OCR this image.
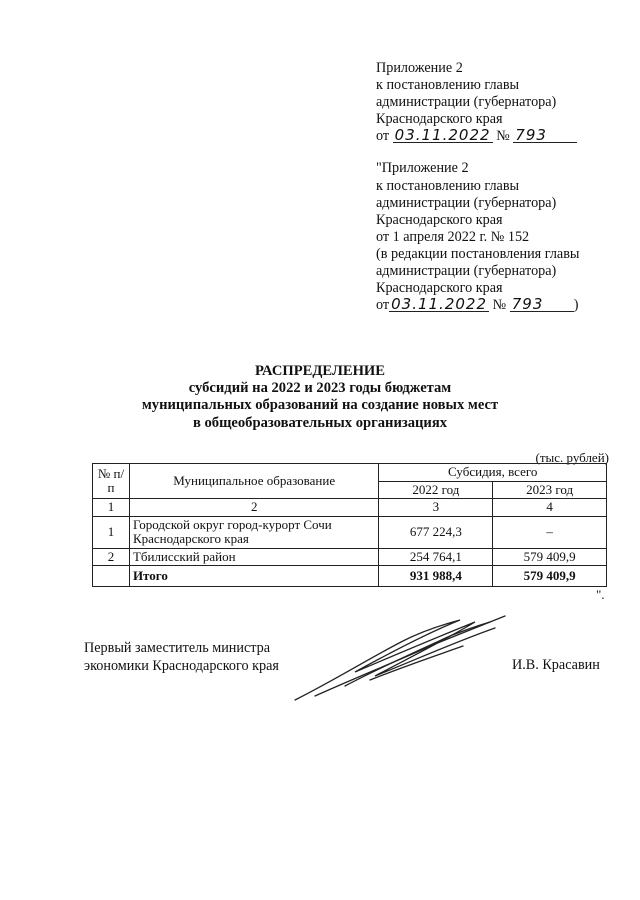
Приложение 2
к постановлению главы
администрации (губернатора)
Краснодарского края
от 03.11.2022 № 793
"Приложение 2
к постановлению главы
администрации (губернатора)
Краснодарского края
от 1 апреля 2022 г. № 152
(в редакции постановления главы
администрации (губернатора)
Краснодарского края
от 03.11.2022 № 793 )
РАСПРЕДЕЛЕНИЕ
субсидий на 2022 и 2023 годы бюджетам
муниципальных образований на создание новых мест
в общеобразовательных организациях
(тыс. рублей)
№ п/п	Муниципальное образование	Субсидия, всего	
		2022 год	2023 год
1	2	3	4
1	Городской округ город-курорт Сочи Краснодарского края	677 224,3	–
2	Тбилисский район	254 764,1	579 409,9
	Итого	931 988,4	579 409,9
".
Первый заместитель министра
экономики Краснодарского края	И.В. Красавин
